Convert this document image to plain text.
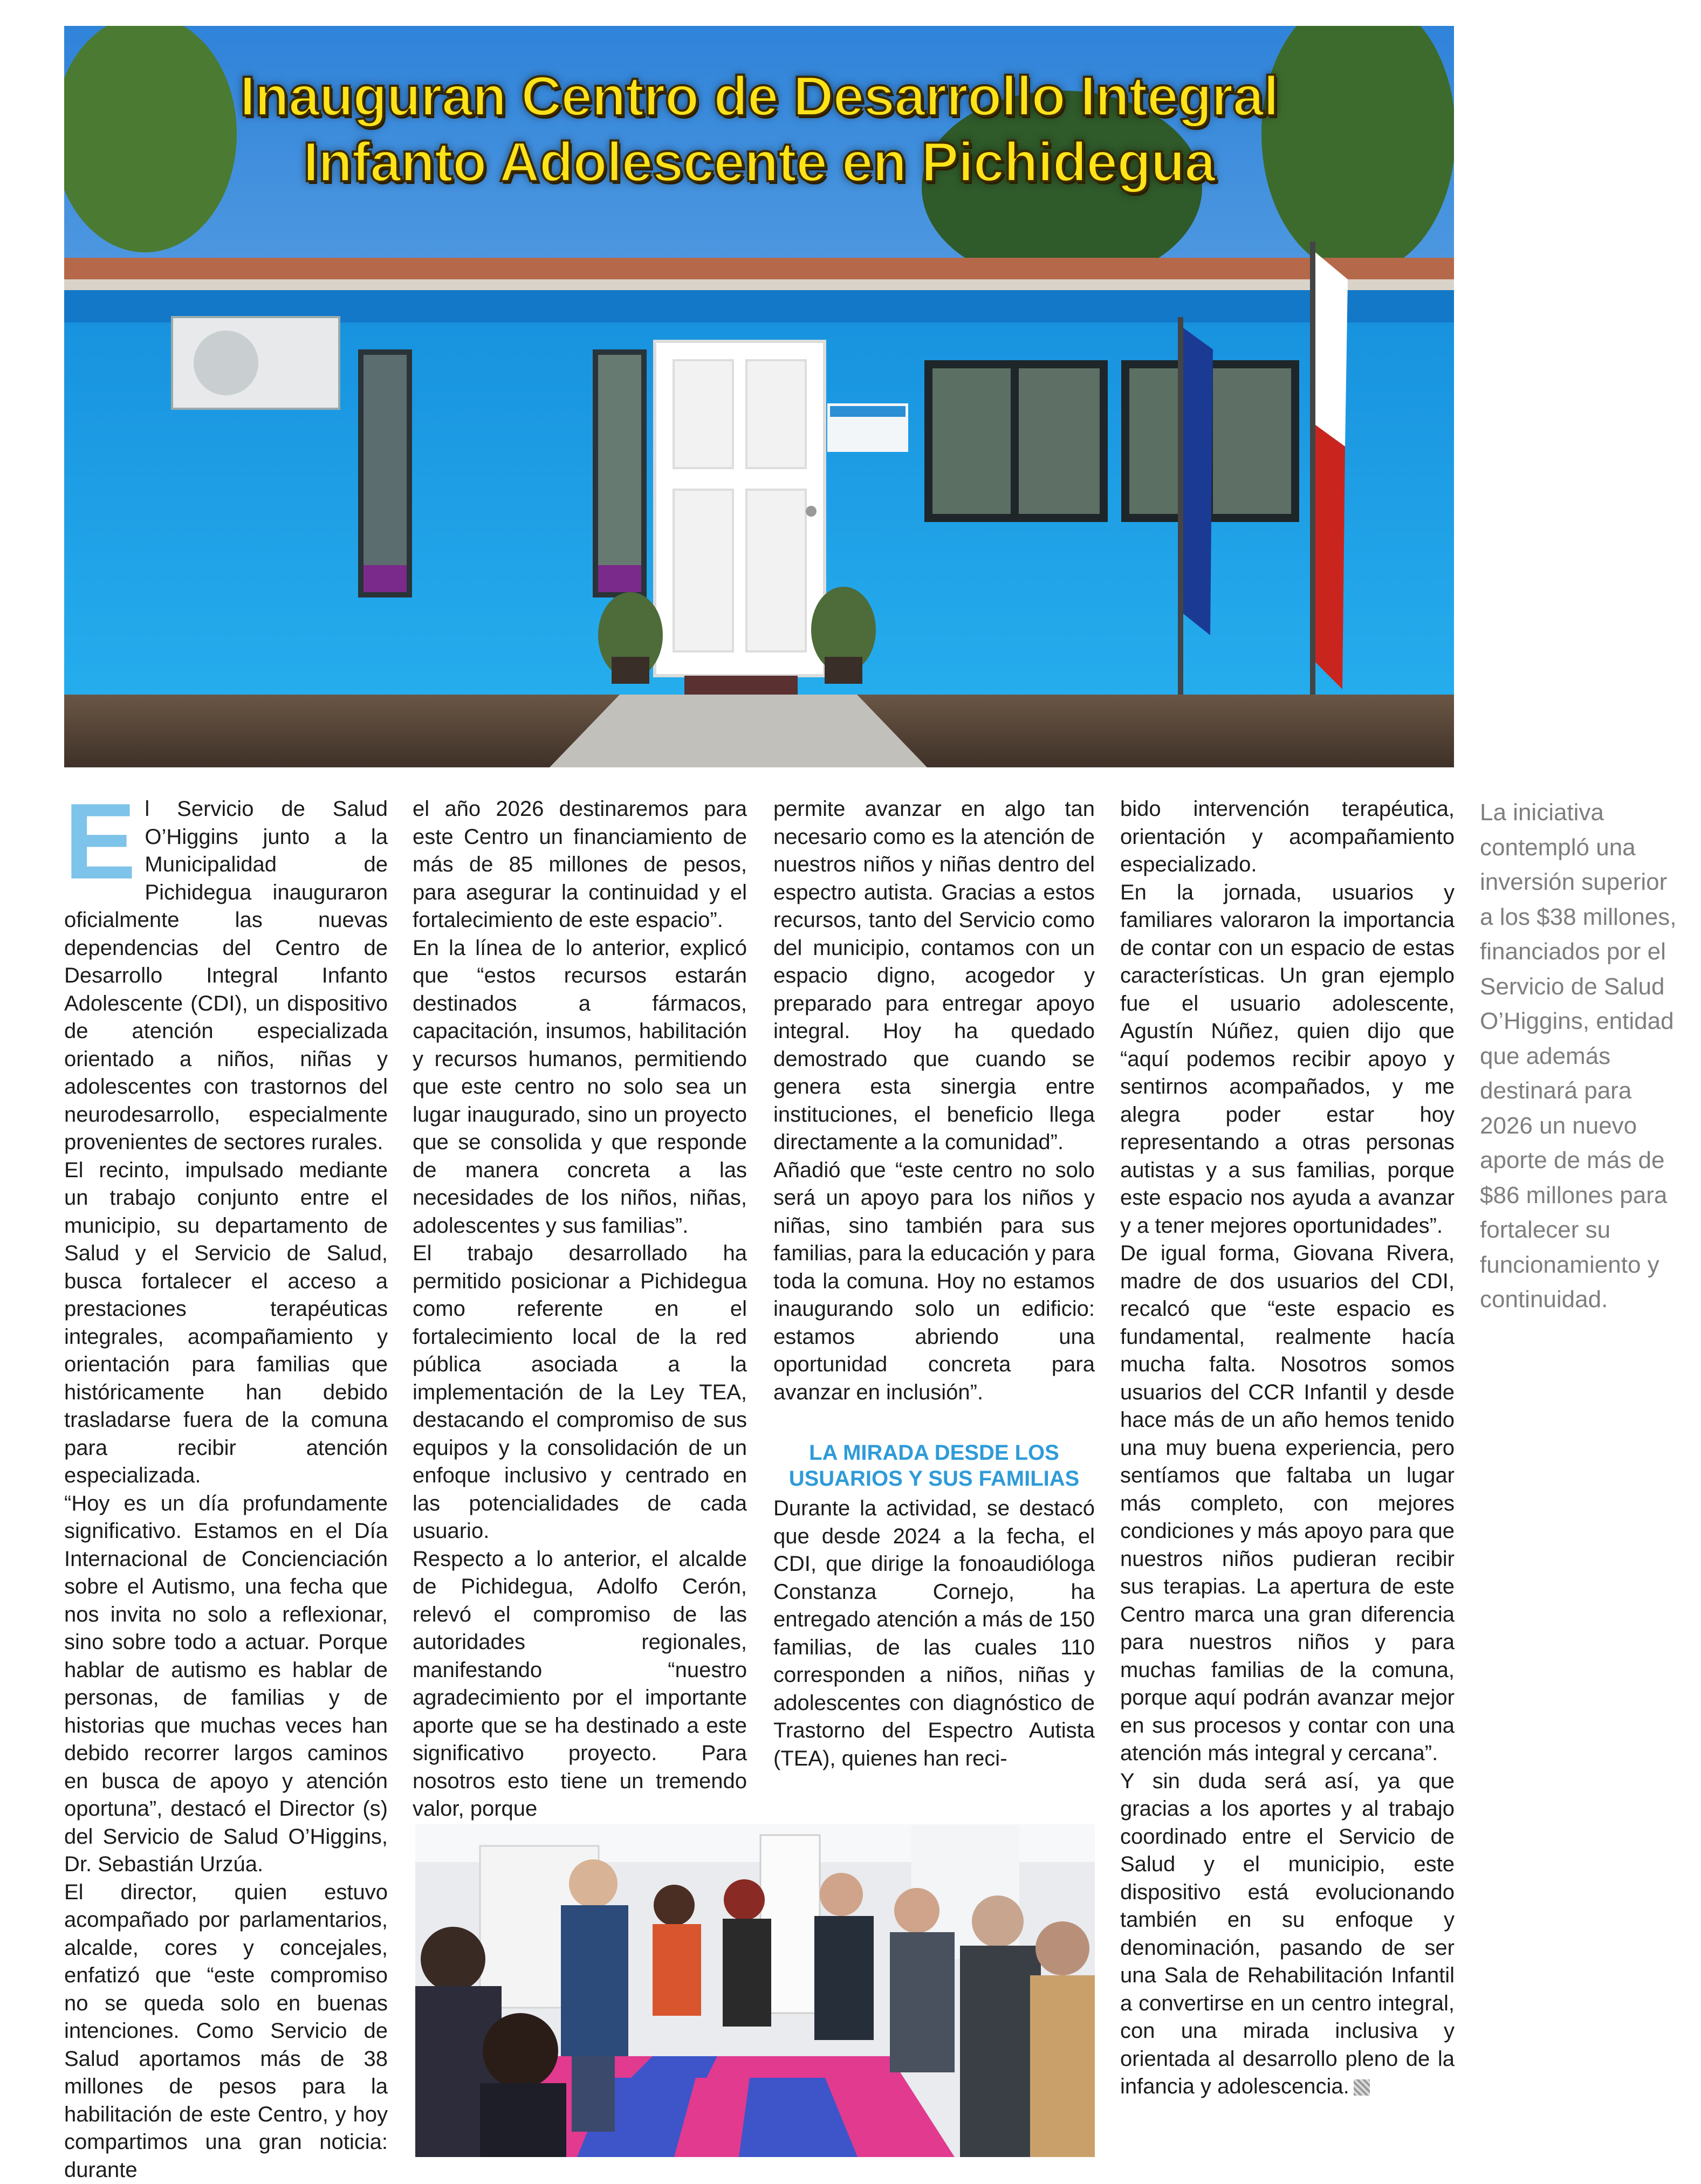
Inauguran Centro de Desarrollo Integral
Infanto Adolescente en Pichidegua

El Servicio de Salud O’Higgins junto a la Municipalidad de Pichidegua inauguraron oficialmente las nuevas dependencias del Centro de Desarrollo Integral Infanto Adolescente (CDI), un dispositivo de atención especializada orientado a niños, niñas y adolescentes con trastornos del neurodesarrollo, especialmente provenientes de sectores rurales.

El recinto, impulsado mediante un trabajo conjunto entre el municipio, su departamento de Salud y el Servicio de Salud, busca fortalecer el acceso a prestaciones terapéuticas integrales, acompañamiento y orientación para familias que históricamente han debido trasladarse fuera de la comuna para recibir atención especializada.

“Hoy es un día profundamente significativo. Estamos en el Día Internacional de Concienciación sobre el Autismo, una fecha que nos invita no solo a reflexionar, sino sobre todo a actuar. Porque hablar de autismo es hablar de personas, de familias y de historias que muchas veces han debido recorrer largos caminos en busca de apoyo y atención oportuna”, destacó el Director (s) del Servicio de Salud O’Higgins, Dr. Sebastián Urzúa.

El director, quien estuvo acompañado por parlamentarios, alcalde, cores y concejales, enfatizó que “este compromiso no se queda solo en buenas intenciones. Como Servicio de Salud aportamos más de 38 millones de pesos para la habilitación de este Centro, y hoy compartimos una gran noticia: durante

el año 2026 destinaremos para este Centro un financiamiento de más de 85 millones de pesos, para asegurar la continuidad y el fortalecimiento de este espacio”.

En la línea de lo anterior, explicó que “estos recursos estarán destinados a fármacos, capacitación, insumos, habilitación y recursos humanos, permitiendo que este centro no solo sea un lugar inaugurado, sino un proyecto que se consolida y que responde de manera concreta a las necesidades de los niños, niñas, adolescentes y sus familias”.

El trabajo desarrollado ha permitido posicionar a Pichidegua como referente en el fortalecimiento local de la red pública asociada a la implementación de la Ley TEA, destacando el compromiso de sus equipos y la consolidación de un enfoque inclusivo y centrado en las potencialidades de cada usuario.

Respecto a lo anterior, el alcalde de Pichidegua, Adolfo Cerón, relevó el compromiso de las autoridades regionales, manifestando “nuestro agradecimiento por el importante aporte que se ha destinado a este significativo proyecto. Para nosotros esto tiene un tremendo valor, porque

permite avanzar en algo tan necesario como es la atención de nuestros niños y niñas dentro del espectro autista. Gracias a estos recursos, tanto del Servicio como del municipio, contamos con un espacio digno, acogedor y preparado para entregar apoyo integral. Hoy ha quedado demostrado que cuando se genera esta sinergia entre instituciones, el beneficio llega directamente a la comunidad”.

Añadió que “este centro no solo será un apoyo para los niños y niñas, sino también para sus familias, para la educación y para toda la comuna. Hoy no estamos inaugurando solo un edificio: estamos abriendo una oportunidad concreta para avanzar en inclusión”.

LA MIRADA DESDE LOS USUARIOS Y SUS FAMILIAS

Durante la actividad, se destacó que desde 2024 a la fecha, el CDI, que dirige la fonoaudióloga Constanza Cornejo, ha entregado atención a más de 150 familias, de las cuales 110 corresponden a niños, niñas y adolescentes con diagnóstico de Trastorno del Espectro Autista (TEA), quienes han reci-

bido intervención terapéutica, orientación y acompañamiento especializado.

En la jornada, usuarios y familiares valoraron la importancia de contar con un espacio de estas características. Un gran ejemplo fue el usuario adolescente, Agustín Núñez, quien dijo que “aquí podemos recibir apoyo y sentirnos acompañados, y me alegra poder estar hoy representando a otras personas autistas y a sus familias, porque este espacio nos ayuda a avanzar y a tener mejores oportunidades”.

De igual forma, Giovana Rivera, madre de dos usuarios del CDI, recalcó que “este espacio es fundamental, realmente hacía mucha falta. Nosotros somos usuarios del CCR Infantil y desde hace más de un año hemos tenido una muy buena experiencia, pero sentíamos que faltaba un lugar más completo, con mejores condiciones y más apoyo para que nuestros niños pudieran recibir sus terapias. La apertura de este Centro marca una gran diferencia para nuestros niños y para muchas familias de la comuna, porque aquí podrán avanzar mejor en sus procesos y contar con una atención más integral y cercana”.

Y sin duda será así, ya que gracias a los aportes y al trabajo coordinado entre el Servicio de Salud y el municipio, este dispositivo está evolucionando también en su enfoque y denominación, pasando de ser una Sala de Rehabilitación Infantil a convertirse en un centro integral, con una mirada inclusiva y orientada al desarrollo pleno de la infancia y adolescencia.

La iniciativa contempló una inversión superior a los $38 millones, financiados por el Servicio de Salud O’Higgins, entidad que además destinará para 2026 un nuevo aporte de más de $86 millones para fortalecer su funcionamiento y continuidad.
